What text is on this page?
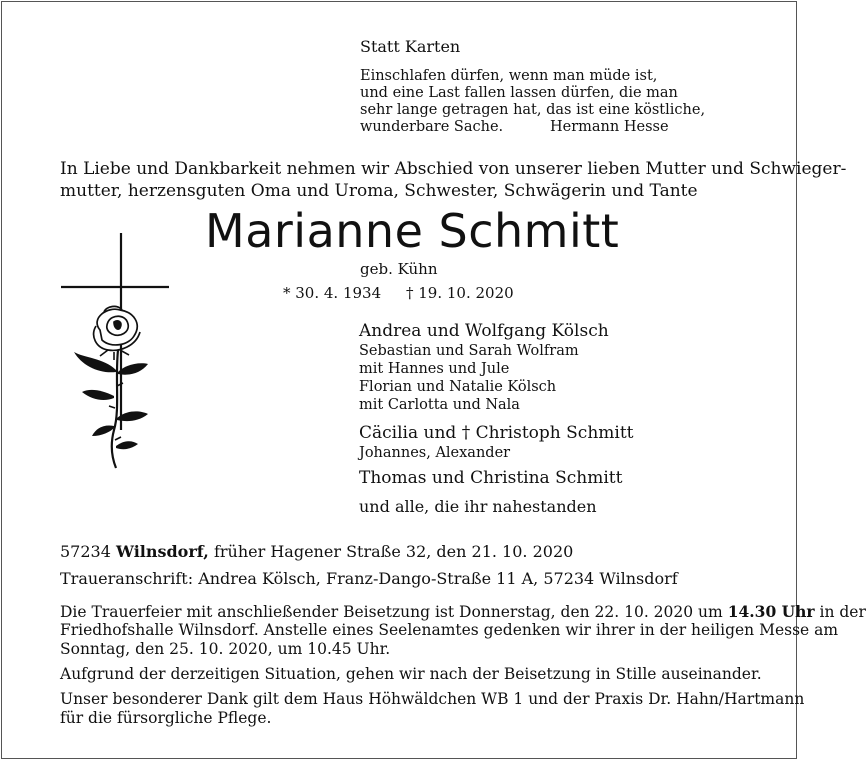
Statt Karten
Einschlafen dürfen, wenn man müde ist,
und eine Last fallen lassen dürfen, die man
sehr lange getragen hat, das ist eine köstliche,
wunderbare Sache.	Hermann Hesse
In Liebe und Dankbarkeit nehmen wir Abschied von unserer lieben Mutter und Schwieger-
mutter, herzensguten Oma und Uroma, Schwester, Schwägerin und Tante
Marianne Schmitt
geb. Kühn
* 30. 4. 1934 † 19. 10. 2020
Andrea und Wolfgang Kölsch
Sebastian und Sarah Wolfram
mit Hannes und Jule
Florian und Natalie Kölsch
mit Carlotta und Nala
Cäcilia und † Christoph Schmitt
Johannes, Alexander
Thomas und Christina Schmitt
und alle, die ihr nahestanden
57234 Wilnsdorf, früher Hagener Straße 32, den 21. 10. 2020
Traueranschrift: Andrea Kölsch, Franz-Dango-Straße 11 A, 57234 Wilnsdorf
Die Trauerfeier mit anschließender Beisetzung ist Donnerstag, den 22. 10. 2020 um 14.30 Uhr in der
Friedhofshalle Wilnsdorf. Anstelle eines Seelenamtes gedenken wir ihrer in der heiligen Messe am
Sonntag, den 25. 10. 2020, um 10.45 Uhr.
Aufgrund der derzeitigen Situation, gehen wir nach der Beisetzung in Stille auseinander.
Unser besonderer Dank gilt dem Haus Höhwäldchen WB 1 und der Praxis Dr. Hahn/Hartmann
für die fürsorgliche Pflege.
